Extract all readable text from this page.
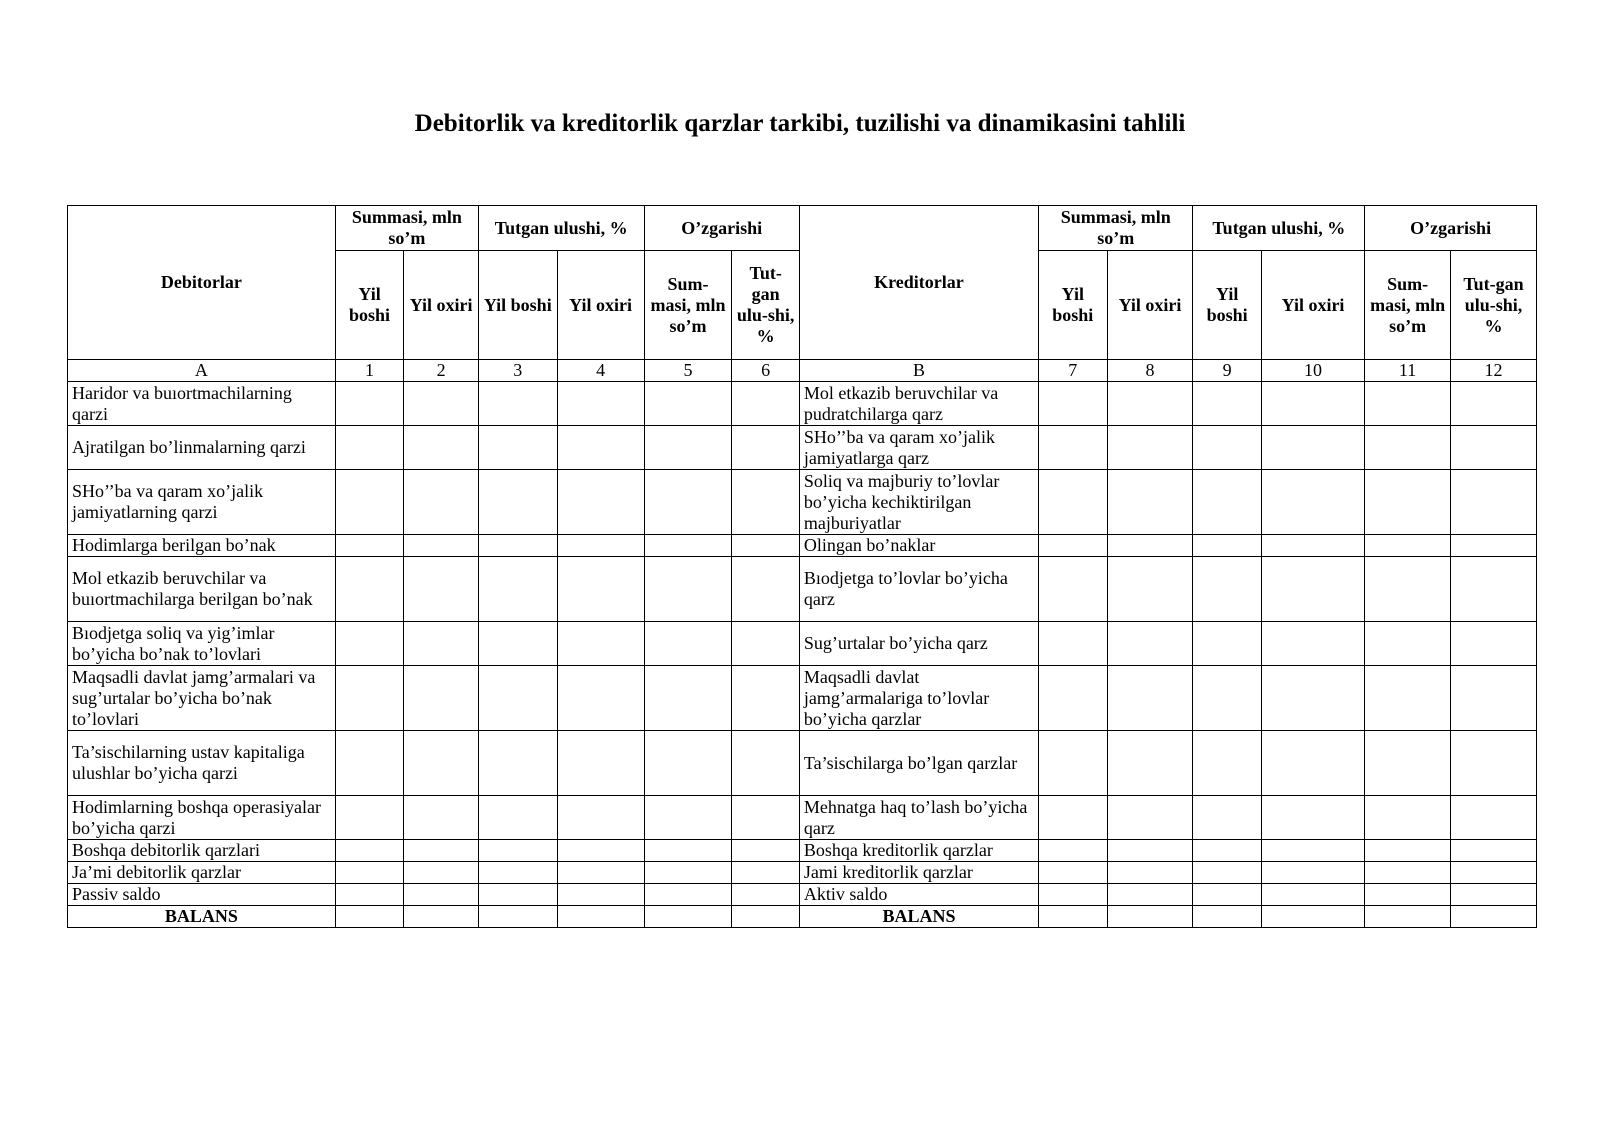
Debitorlik va kreditorlik qarzlar tarkibi, tuzilishi va dinamikasini tahlili
Debitorlar	Summasi, mln so’m		Tutgan ulushi, %		O’zgarishi		Kreditorlar	Summasi, mln so’m		Tutgan ulushi, %		O’zgarishi	
	Yil boshi	Yil oxiri	Yil boshi	Yil oxiri	Sum-masi, mln so’m	Tut-gan ulu-shi, %		Yil boshi	Yil oxiri	Yil boshi	Yil oxiri	Sum-masi, mln so’m	Tut-gan ulu-shi, %
A	1	2	3	4	5	6	B	7	8	9	10	11	12
Haridor va buıortmachilarning qarzi							Mol etkazib beruvchilar va pudratchilarga qarz						
Ajratilgan bo’linmalarning qarzi							SHo’’ba va qaram xo’jalik jamiyatlarga qarz						
SHo’’ba va qaram xo’jalik jamiyatlarning qarzi							Soliq va majburiy to’lovlar bo’yicha kechiktirilgan majburiyatlar						
Hodimlarga berilgan bo’nak							Olingan bo’naklar						
Mol etkazib beruvchilar va buıortmachilarga berilgan bo’nak							Bıodjetga to’lovlar bo’yicha qarz						
Bıodjetga soliq va yig’imlar bo’yicha bo’nak to’lovlari							Sug’urtalar bo’yicha qarz						
Maqsadli davlat jamg’armalari va sug’urtalar bo’yicha bo’nak to’lovlari							Maqsadli davlat jamg’armalariga to’lovlar bo’yicha qarzlar						
Ta’sischilarning ustav kapitaliga ulushlar bo’yicha qarzi							Ta’sischilarga bo’lgan qarzlar						
Hodimlarning boshqa operasiyalar bo’yicha qarzi							Mehnatga haq to’lash bo’yicha qarz						
Boshqa debitorlik qarzlari							Boshqa kreditorlik qarzlar						
Ja’mi debitorlik qarzlar							Jami kreditorlik qarzlar						
Passiv saldo							Aktiv saldo						
BALANS							BALANS						
